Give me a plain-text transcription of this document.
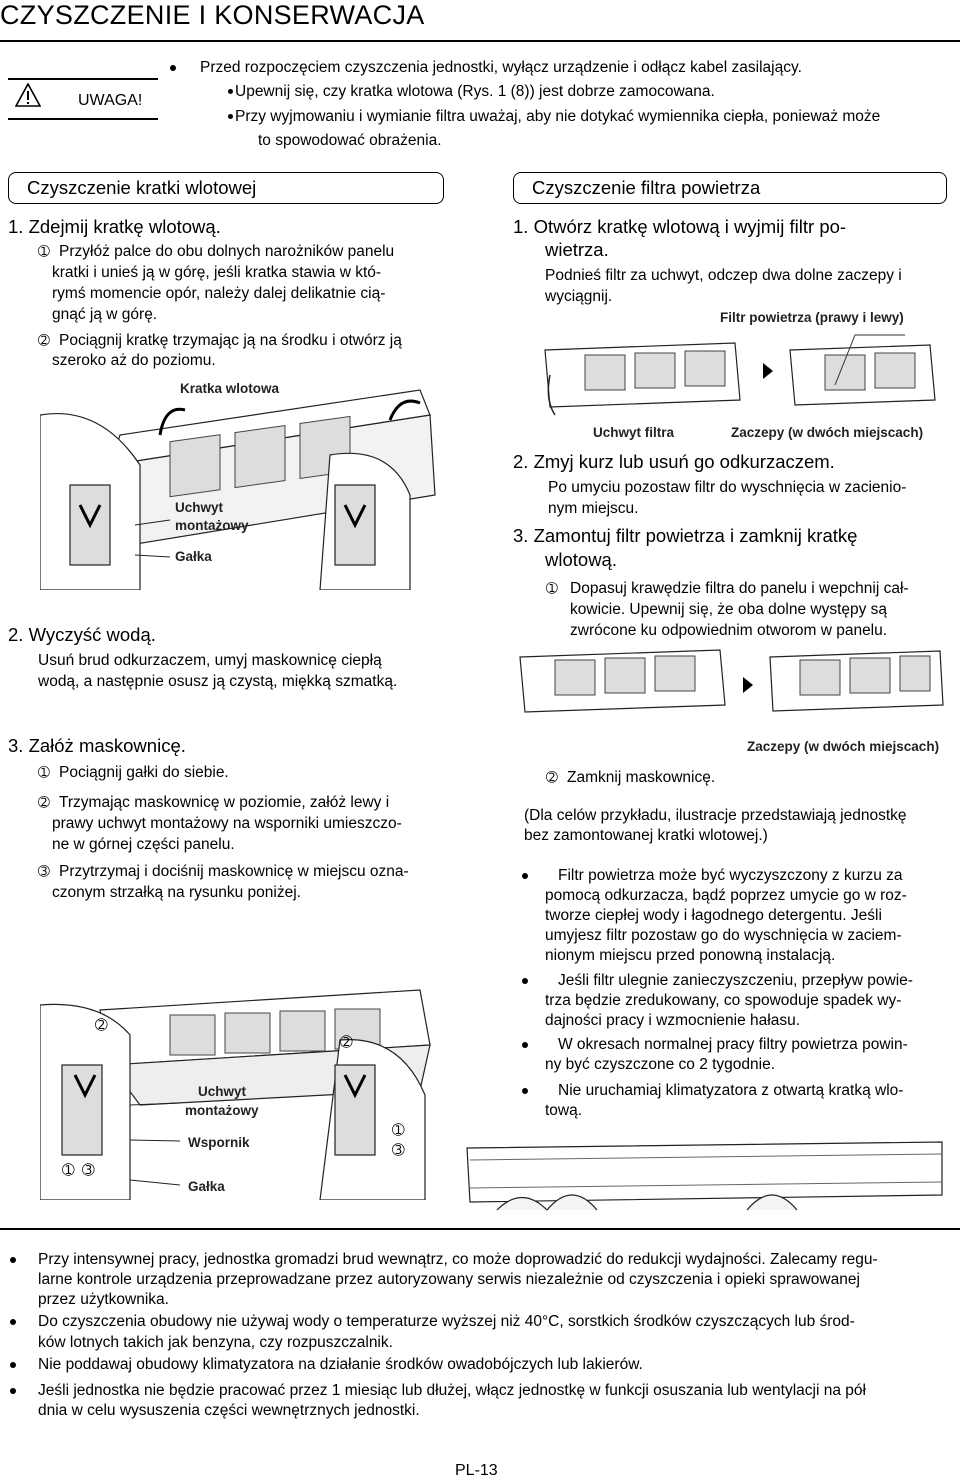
CZYSZCZENIE I KONSERWACJA
UWAGA!
Przed rozpoczęciem czyszczenia jednostki, wyłącz urządzenie i odłącz kabel zasilający.
Upewnij się, czy kratka wlotowa (Rys. 1 (8)) jest dobrze zamocowana.
Przy wyjmowaniu i wymianie filtra uważaj, aby nie dotykać wymiennika ciepła, ponieważ może
to spowodować obrażenia.
Czyszczenie kratki wlotowej
1. Zdejmij kratkę wlotową.
➀ Przyłóż palce do obu dolnych narożników panelu
kratki i unieś ją w górę, jeśli kratka stawia w któ-
rymś momencie opór, należy dalej delikatnie cią-
gnąć ją w górę.
➁ Pociągnij kratkę trzymając ją na środku i otwórz ją
szeroko aż do poziomu.
Kratka wlotowa
Uchwyt
montażowy
Gałka
2. Wyczyść wodą.
Usuń brud odkurzaczem, umyj maskownicę ciepłą
wodą, a następnie osusz ją czystą, miękką szmatką.
3. Załóż maskownicę.
➀ Pociągnij gałki do siebie.
➁ Trzymając maskownicę w poziomie, załóż lewy i
prawy uchwyt montażowy na wsporniki umieszczo-
ne w górnej części panelu.
➂ Przytrzymaj i dociśnij maskownicę w miejscu ozna-
czonym strzałką na rysunku poniżej.
➁
➁
➀ ➂
➀
➂
Uchwyt
montażowy
Wspornik
Gałka
Czyszczenie filtra powietrza
1. Otwórz kratkę wlotową i wyjmij filtr po-
wietrza.
Podnieś filtr za uchwyt, odczep dwa dolne zaczepy i
wyciągnij.
Filtr powietrza (prawy i lewy)
Uchwyt filtra	Zaczepy (w dwóch miejscach)
2. Zmyj kurz lub usuń go odkurzaczem.
Po umyciu pozostaw filtr do wyschnięcia w zacienio-
nym miejscu.
3. Zamontuj filtr powietrza i zamknij kratkę
wlotową.
➀ Dopasuj krawędzie filtra do panelu i wepchnij cał-
kowicie. Upewnij się, że oba dolne występy są
zwrócone ku odpowiednim otworom w panelu.
Zaczepy (w dwóch miejscach)
➁ Zamknij maskownicę.
(Dla celów przykładu, ilustracje przedstawiają jednostkę
bez zamontowanej kratki wlotowej.)
Filtr powietrza może być wyczyszczony z kurzu za
pomocą odkurzacza, bądź poprzez umycie go w roz-
tworze ciepłej wody i łagodnego detergentu. Jeśli
umyjesz filtr pozostaw go do wyschnięcia w zaciem-
nionym miejscu przed ponowną instalacją.
Jeśli filtr ulegnie zanieczyszczeniu, przepływ powie-
trza będzie zredukowany, co spowoduje spadek wy-
dajności pracy i wzmocnienie hałasu.
W okresach normalnej pracy filtry powietrza powin-
ny być czyszczone co 2 tygodnie.
Nie uruchamiaj klimatyzatora z otwartą kratką wlo-
tową.
Przy intensywnej pracy, jednostka gromadzi brud wewnątrz, co może doprowadzić do redukcji wydajności. Zalecamy regu-
larne kontrole urządzenia przeprowadzane przez autoryzowany serwis niezależnie od czyszczenia i opieki sprawowanej
przez użytkownika.
Do czyszczenia obudowy nie używaj wody o temperaturze wyższej niż 40°C, sorstkich środków czyszczących lub środ-
ków lotnych takich jak benzyna, czy rozpuszczalnik.
Nie poddawaj obudowy klimatyzatora na działanie środków owadobójczych lub lakierów.
Jeśli jednostka nie będzie pracować przez 1 miesiąc lub dłużej, włącz jednostkę w funkcji osuszania lub wentylacji na pół
dnia w celu wysuszenia części wewnętrznych jednostki.
PL-13
